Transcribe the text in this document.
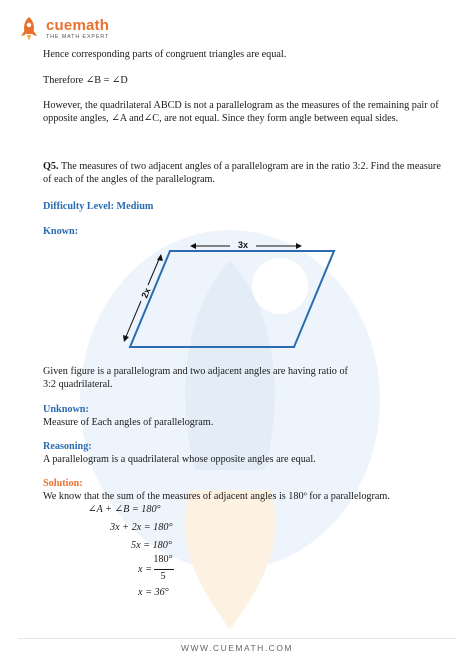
cuemath
THE MATH EXPERT
Hence corresponding parts of congruent triangles are equal.
Therefore ∠B = ∠D
However, the quadrilateral ABCD is not a parallelogram as the measures of the remaining pair of opposite angles, ∠A and∠C, are not equal. Since they form angle between equal sides.
Q5. The measures of two adjacent angles of a parallelogram are in the ratio 3:2. Find the measure of each of the angles of the parallelogram.
Difficulty Level: Medium
Known:
3x
2x
Given figure is a parallelogram and two adjacent angles are having ratio of
3:2 quadrilateral.
Unknown:
Measure of Each angles of parallelogram.
Reasoning:
A parallelogram is a quadrilateral whose opposite angles are equal.
Solution:
We know that the sum of the measures of adjacent angles is 180º for a parallelogram.
∠A + ∠B = 180°
3x + 2x = 180°
5x = 180°
x =
180°
5
x = 36°
WWW.CUEMATH.COM
